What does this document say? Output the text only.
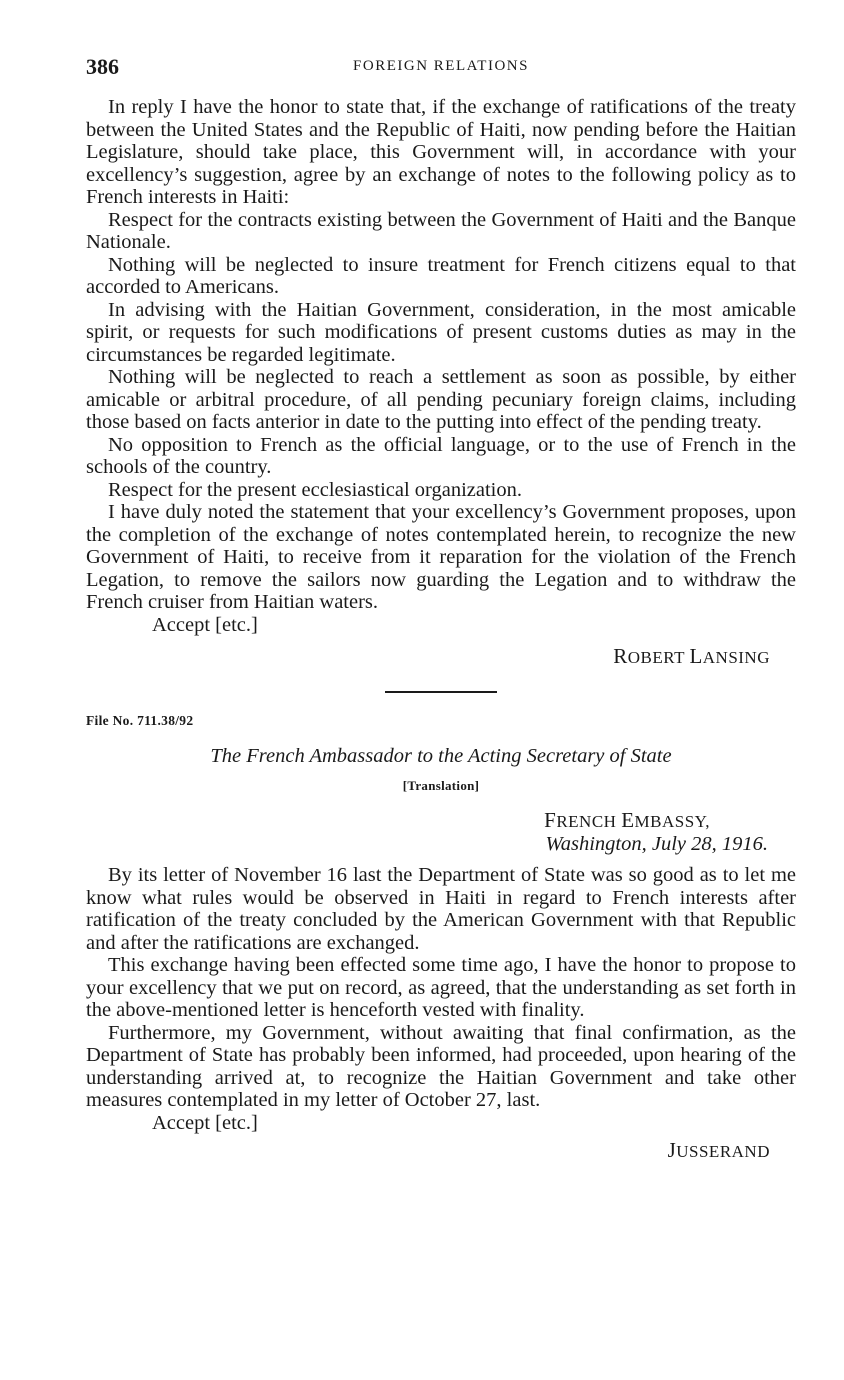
386	FOREIGN RELATIONS

In reply I have the honor to state that, if the exchange of ratifications of the treaty between the United States and the Republic of Haiti, now pending before the Haitian Legislature, should take place, this Government will, in accordance with your excellency’s suggestion, agree by an exchange of notes to the following policy as to French interests in Haiti:

Respect for the contracts existing between the Government of Haiti and the Banque Nationale.

Nothing will be neglected to insure treatment for French citizens equal to that accorded to Americans.

In advising with the Haitian Government, consideration, in the most amicable spirit, or requests for such modifications of present customs duties as may in the circumstances be regarded legitimate.

Nothing will be neglected to reach a settlement as soon as possible, by either amicable or arbitral procedure, of all pending pecuniary foreign claims, including those based on facts anterior in date to the putting into effect of the pending treaty.

No opposition to French as the official language, or to the use of French in the schools of the country.

Respect for the present ecclesiastical organization.

I have duly noted the statement that your excellency’s Government proposes, upon the completion of the exchange of notes contemplated herein, to recognize the new Government of Haiti, to receive from it reparation for the violation of the French Legation, to remove the sailors now guarding the Legation and to withdraw the French cruiser from Haitian waters.

Accept [etc.]

ROBERT LANSING
File No. 711.38/92
The French Ambassador to the Acting Secretary of State
[Translation]
FRENCH EMBASSY,
Washington, July 28, 1916.

By its letter of November 16 last the Department of State was so good as to let me know what rules would be observed in Haiti in regard to French interests after ratification of the treaty concluded by the American Government with that Republic and after the ratifications are exchanged.

This exchange having been effected some time ago, I have the honor to propose to your excellency that we put on record, as agreed, that the understanding as set forth in the above-mentioned letter is henceforth vested with finality.

Furthermore, my Government, without awaiting that final confirmation, as the Department of State has probably been informed, had proceeded, upon hearing of the understanding arrived at, to recognize the Haitian Government and take other measures contemplated in my letter of October 27, last.

Accept [etc.]

JUSSERAND
